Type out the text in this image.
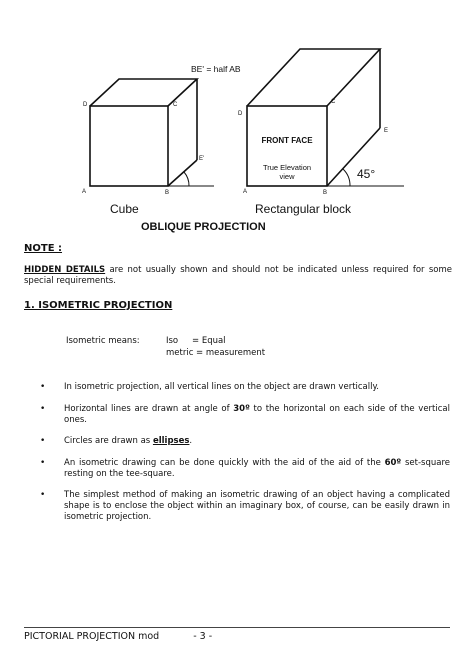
BE' = half AB
D	C
E'
A	B
Cube
D
C
E
A	B
FRONT FACE
True Elevation
view	45°
Rectangular block
OBLIQUE PROJECTION
NOTE :
HIDDEN DETAILS are not usually shown and should not be indicated unless required for some special requirements.
1. ISOMETRIC PROJECTION
Isometric means:	Iso = Equal
metric = measurement
• In isometric projection, all vertical lines on the object are drawn vertically.
• Horizontal lines are drawn at angle of 30º to the horizontal on each side of the vertical ones.
• Circles are drawn as ellipses.
• An isometric drawing can be done quickly with the aid of the aid of the 60º set-square resting on the tee-square.
• The simplest method of making an isometric drawing of an object having a complicated shape is to enclose the object within an imaginary box, of course, can be easily drawn in isometric projection.
PICTORIAL PROJECTION mod	- 3 -
